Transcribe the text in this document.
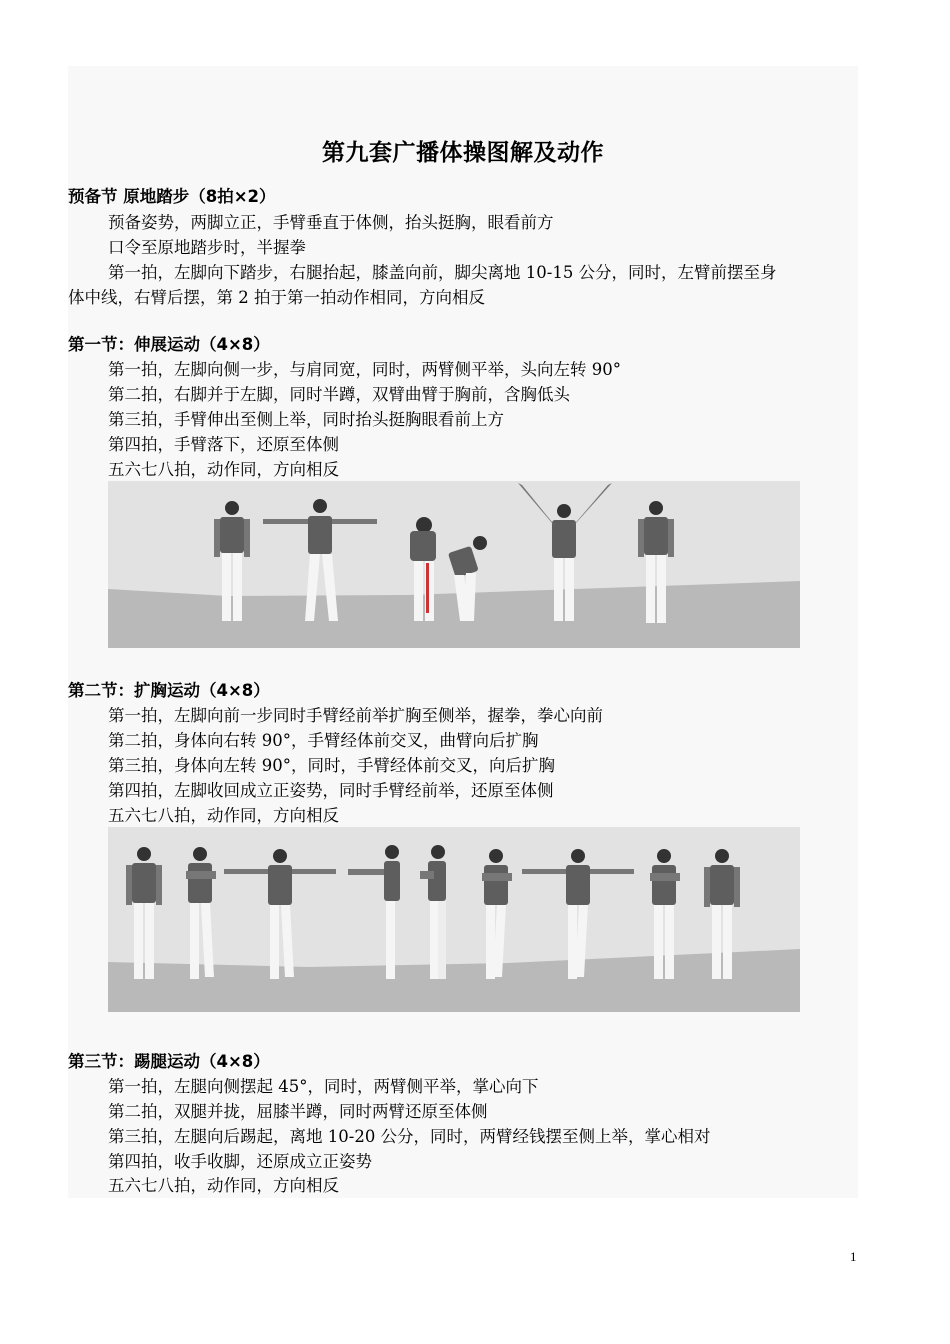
第九套广播体操图解及动作
预备节 原地踏步（8拍×2）
预备姿势，两脚立正，手臂垂直于体侧，抬头挺胸，眼看前方
口令至原地踏步时，半握拳
第一拍，左脚向下踏步，右腿抬起，膝盖向前，脚尖离地 10-15 公分，同时，左臂前摆至身
体中线，右臂后摆，第 2 拍于第一拍动作相同，方向相反
第一节：伸展运动（4×8）
第一拍，左脚向侧一步，与肩同宽，同时，两臂侧平举，头向左转 90°
第二拍，右脚并于左脚，同时半蹲，双臂曲臂于胸前，含胸低头
第三拍，手臂伸出至侧上举，同时抬头挺胸眼看前上方
第四拍，手臂落下，还原至体侧
五六七八拍，动作同，方向相反
第二节：扩胸运动（4×8）
第一拍，左脚向前一步同时手臂经前举扩胸至侧举，握拳，拳心向前
第二拍，身体向右转 90°，手臂经体前交叉，曲臂向后扩胸
第三拍，身体向左转 90°，同时，手臂经体前交叉，向后扩胸
第四拍，左脚收回成立正姿势，同时手臂经前举，还原至体侧
五六七八拍，动作同，方向相反
第三节：踢腿运动（4×8）
第一拍，左腿向侧摆起 45°，同时，两臂侧平举，掌心向下
第二拍，双腿并拢，屈膝半蹲，同时两臂还原至体侧
第三拍，左腿向后踢起，离地 10-20 公分，同时，两臂经钱摆至侧上举，掌心相对
第四拍，收手收脚，还原成立正姿势
五六七八拍，动作同，方向相反
1
